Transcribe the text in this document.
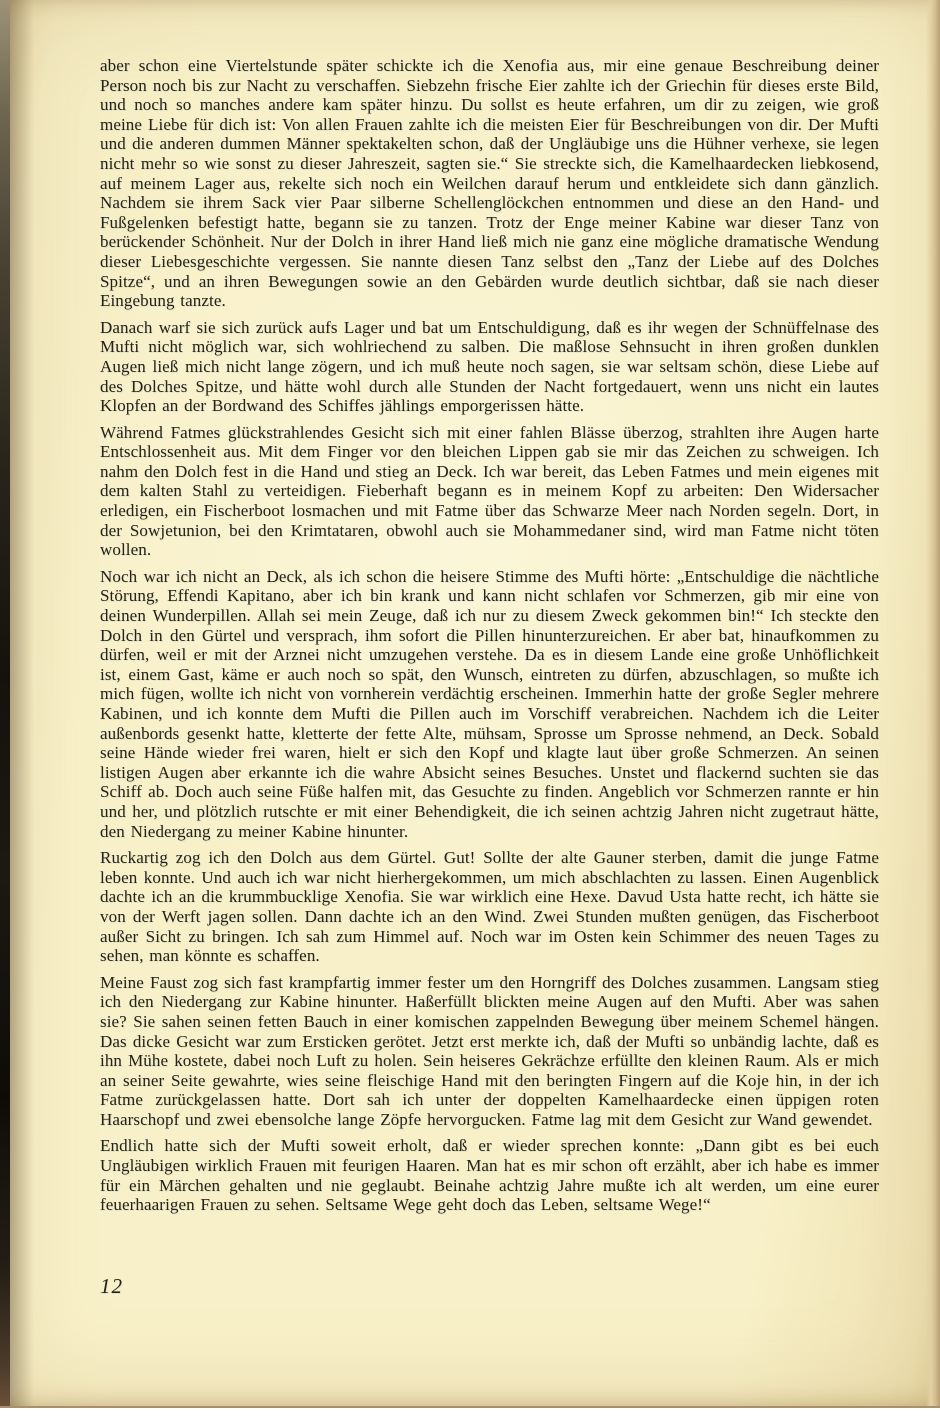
aber schon eine Viertelstunde später schickte ich die Xenofia aus, mir eine genaue Beschreibung deiner Person noch bis zur Nacht zu verschaffen. Siebzehn frische Eier zahlte ich der Griechin für dieses erste Bild, und noch so manches andere kam später hinzu. Du sollst es heute erfahren, um dir zu zeigen, wie groß meine Liebe für dich ist: Von allen Frauen zahlte ich die meisten Eier für Beschreibungen von dir. Der Mufti und die anderen dummen Männer spektakelten schon, daß der Ungläubige uns die Hühner verhexe, sie legen nicht mehr so wie sonst zu dieser Jahreszeit, sagten sie.“ Sie streckte sich, die Kamelhaardecken liebkosend, auf meinem Lager aus, rekelte sich noch ein Weilchen darauf herum und entkleidete sich dann gänzlich. Nachdem sie ihrem Sack vier Paar silberne Schellenglöckchen entnommen und diese an den Hand- und Fußgelenken befestigt hatte, begann sie zu tanzen. Trotz der Enge meiner Kabine war dieser Tanz von berückender Schönheit. Nur der Dolch in ihrer Hand ließ mich nie ganz eine mögliche dramatische Wendung dieser Liebesgeschichte vergessen. Sie nannte diesen Tanz selbst den „Tanz der Liebe auf des Dolches Spitze“, und an ihren Bewegungen sowie an den Gebärden wurde deutlich sichtbar, daß sie nach dieser Eingebung tanzte.

Danach warf sie sich zurück aufs Lager und bat um Entschuldigung, daß es ihr wegen der Schnüffelnase des Mufti nicht möglich war, sich wohlriechend zu salben. Die maßlose Sehnsucht in ihren großen dunklen Augen ließ mich nicht lange zögern, und ich muß heute noch sagen, sie war seltsam schön, diese Liebe auf des Dolches Spitze, und hätte wohl durch alle Stunden der Nacht fortgedauert, wenn uns nicht ein lautes Klopfen an der Bordwand des Schiffes jählings emporgerissen hätte.

Während Fatmes glückstrahlendes Gesicht sich mit einer fahlen Blässe überzog, strahlten ihre Augen harte Entschlossenheit aus. Mit dem Finger vor den bleichen Lippen gab sie mir das Zeichen zu schweigen. Ich nahm den Dolch fest in die Hand und stieg an Deck. Ich war bereit, das Leben Fatmes und mein eigenes mit dem kalten Stahl zu verteidigen. Fieberhaft begann es in meinem Kopf zu arbeiten: Den Widersacher erledigen, ein Fischerboot losmachen und mit Fatme über das Schwarze Meer nach Norden segeln. Dort, in der Sowjetunion, bei den Krimtataren, obwohl auch sie Mohammedaner sind, wird man Fatme nicht töten wollen.

Noch war ich nicht an Deck, als ich schon die heisere Stimme des Mufti hörte: „Entschuldige die nächtliche Störung, Effendi Kapitano, aber ich bin krank und kann nicht schlafen vor Schmerzen, gib mir eine von deinen Wunderpillen. Allah sei mein Zeuge, daß ich nur zu diesem Zweck gekommen bin!“ Ich steckte den Dolch in den Gürtel und versprach, ihm sofort die Pillen hinunterzureichen. Er aber bat, hinaufkommen zu dürfen, weil er mit der Arznei nicht umzugehen verstehe. Da es in diesem Lande eine große Unhöflichkeit ist, einem Gast, käme er auch noch so spät, den Wunsch, eintreten zu dürfen, abzuschlagen, so mußte ich mich fügen, wollte ich nicht von vornherein verdächtig erscheinen. Immerhin hatte der große Segler mehrere Kabinen, und ich konnte dem Mufti die Pillen auch im Vorschiff verabreichen. Nachdem ich die Leiter außenbords gesenkt hatte, kletterte der fette Alte, mühsam, Sprosse um Sprosse nehmend, an Deck. Sobald seine Hände wieder frei waren, hielt er sich den Kopf und klagte laut über große Schmerzen. An seinen listigen Augen aber erkannte ich die wahre Absicht seines Besuches. Unstet und flackernd suchten sie das Schiff ab. Doch auch seine Füße halfen mit, das Gesuchte zu finden. Angeblich vor Schmerzen rannte er hin und her, und plötzlich rutschte er mit einer Behendigkeit, die ich seinen achtzig Jahren nicht zugetraut hätte, den Niedergang zu meiner Kabine hinunter.

Ruckartig zog ich den Dolch aus dem Gürtel. Gut! Sollte der alte Gauner sterben, damit die junge Fatme leben konnte. Und auch ich war nicht hierhergekommen, um mich abschlachten zu lassen. Einen Augenblick dachte ich an die krummbucklige Xenofia. Sie war wirklich eine Hexe. Davud Usta hatte recht, ich hätte sie von der Werft jagen sollen. Dann dachte ich an den Wind. Zwei Stunden mußten genügen, das Fischerboot außer Sicht zu bringen. Ich sah zum Himmel auf. Noch war im Osten kein Schimmer des neuen Tages zu sehen, man könnte es schaffen.

Meine Faust zog sich fast krampfartig immer fester um den Horngriff des Dolches zusammen. Langsam stieg ich den Niedergang zur Kabine hinunter. Haßerfüllt blickten meine Augen auf den Mufti. Aber was sahen sie? Sie sahen seinen fetten Bauch in einer komischen zappelnden Bewegung über meinem Schemel hängen. Das dicke Gesicht war zum Ersticken gerötet. Jetzt erst merkte ich, daß der Mufti so unbändig lachte, daß es ihn Mühe kostete, dabei noch Luft zu holen. Sein heiseres Gekrächze erfüllte den kleinen Raum. Als er mich an seiner Seite gewahrte, wies seine fleischige Hand mit den beringten Fingern auf die Koje hin, in der ich Fatme zurückgelassen hatte. Dort sah ich unter der doppelten Kamelhaardecke einen üppigen roten Haarschopf und zwei ebensolche lange Zöpfe hervorgucken. Fatme lag mit dem Gesicht zur Wand gewendet.

Endlich hatte sich der Mufti soweit erholt, daß er wieder sprechen konnte: „Dann gibt es bei euch Ungläubigen wirklich Frauen mit feurigen Haaren. Man hat es mir schon oft erzählt, aber ich habe es immer für ein Märchen gehalten und nie geglaubt. Beinahe achtzig Jahre mußte ich alt werden, um eine eurer feuerhaarigen Frauen zu sehen. Seltsame Wege geht doch das Leben, seltsame Wege!“

12
